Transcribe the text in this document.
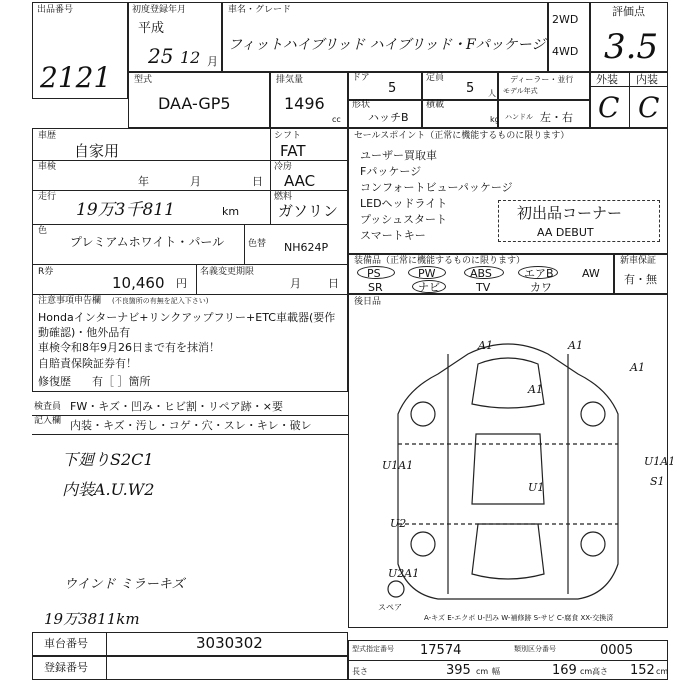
出品番号
2121
初度登録年月
平成
25 12 月
車名・グレード
フィットハイブリッド ハイブリッド・Fパッケージ
2WD
4WD
評価点
3.5
型式
DAA-GP5
排気量
1496
cc
ドア
5
定員
5 人
ディーラー・並行
モデル年式
形状
ハッチB
積載
kg ハンドル 左・右
外装 内装
C C
車歴
自家用
シフト
FAT
車検
年	月	日
冷房
AAC
走行
19万3千811	km
燃料
ガソリン
色
プレミアムホワイト・パール	色替 NH624P
R券
10,460 円
名義変更期限
月 日
注意事項申告欄 (不良箇所の有無を記入下さい)
Hondaインターナビ+リンクアップフリー+ETC車載器(要作動確認)・他外品有
車検令和8年9月26日まで有を抹消！
自賠責保険証券有！
修復歴 有［ ］箇所
セールスポイント（正常に機能するものに限ります）
ユーザー買取車
Fパッケージ
コンフォートビューパッケージ
LEDヘッドライト
プッシュスタート
スマートキー
初出品コーナー
AA DEBUT
装備品（正常に機能するものに限ります）
PS	PW	ABS	エアB	AW
SR	ナビ	TV	カワ
新車保証
有・無
後日品
A1	A1
A1
A1
U1A1	U1A1
U1	S1
U2
U2A1
スペア
A-キズ E-エクボ U-凹み W-補修跡 S-サビ C-腐食 XX-交換済
検査員記入欄
FW・キズ・凹み・ヒビ割・リペア跡・×要
内装・キズ・汚し・コゲ・穴・スレ・キレ・破レ
下廻りS2C1
内装A.U.W2
ウインド ミラーキズ
19万3811km
車台番号	3030302
登録番号
型式指定番号 17574	類別区分番号	0005
長さ	395 cm 幅	169 cm 高さ 152 cm
